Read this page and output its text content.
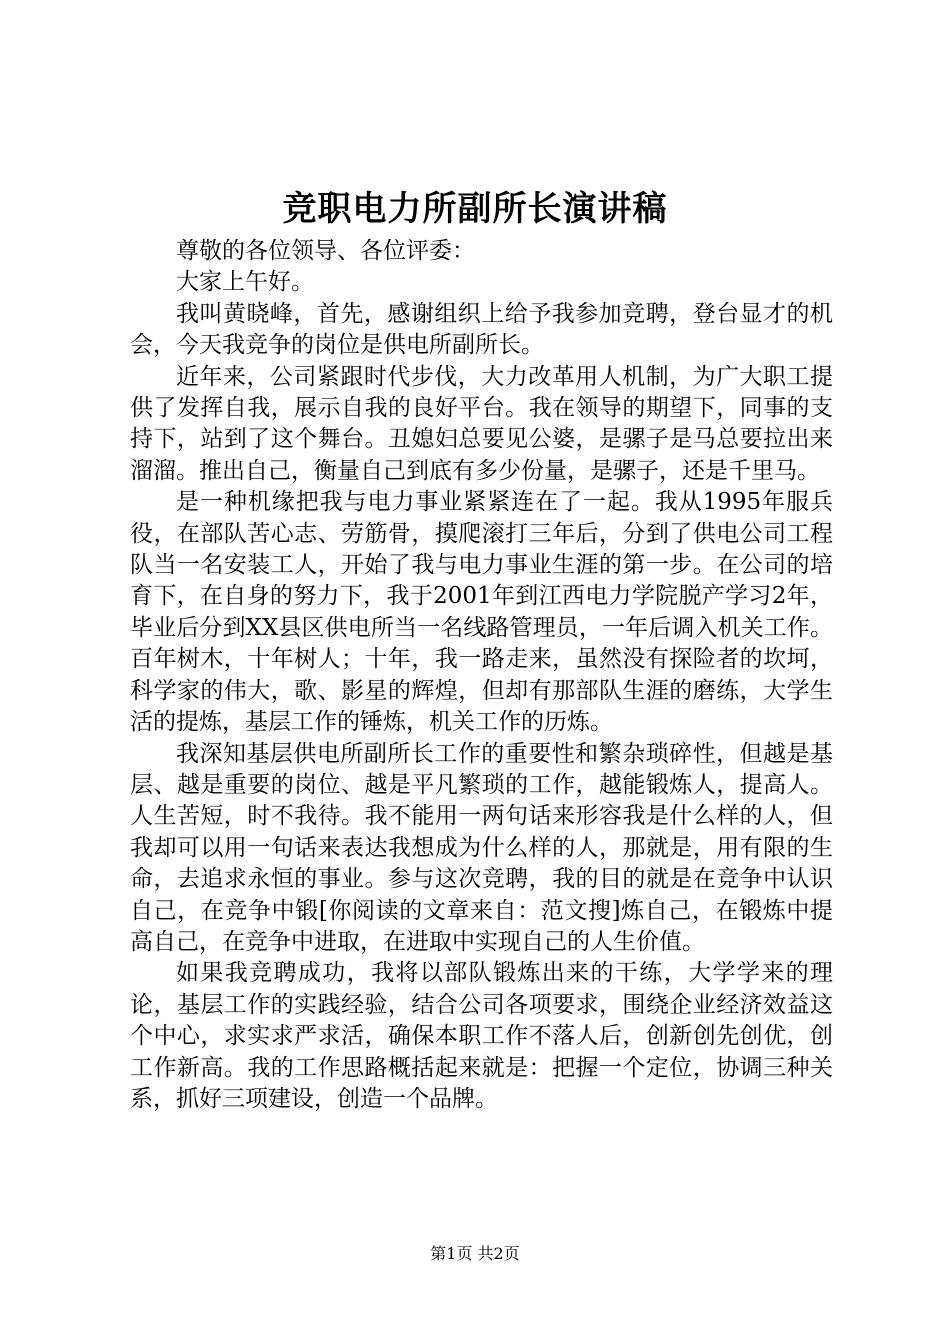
竞职电力所副所长演讲稿

尊敬的各位领导、各位评委：

大家上午好。

我叫黄晓峰，首先，感谢组织上给予我参加竞聘，登台显才的机会，今天我竞争的岗位是供电所副所长。

近年来，公司紧跟时代步伐，大力改革用人机制，为广大职工提供了发挥自我，展示自我的良好平台。我在领导的期望下，同事的支持下，站到了这个舞台。丑媳妇总要见公婆，是骡子是马总要拉出来溜溜。推出自己，衡量自己到底有多少份量，是骡子，还是千里马。

是一种机缘把我与电力事业紧紧连在了一起。我从1995年服兵役，在部队苦心志、劳筋骨，摸爬滚打三年后，分到了供电公司工程队当一名安装工人，开始了我与电力事业生涯的第一步。在公司的培育下，在自身的努力下，我于2001年到江西电力学院脱产学习2年，毕业后分到XX县区供电所当一名线路管理员，一年后调入机关工作。百年树木，十年树人；十年，我一路走来，虽然没有探险者的坎坷，科学家的伟大，歌、影星的辉煌，但却有那部队生涯的磨练，大学生活的提炼，基层工作的锤炼，机关工作的历炼。

我深知基层供电所副所长工作的重要性和繁杂琐碎性，但越是基层、越是重要的岗位、越是平凡繁琐的工作，越能锻炼人，提高人。人生苦短，时不我待。我不能用一两句话来形容我是什么样的人，但我却可以用一句话来表达我想成为什么样的人，那就是，用有限的生命，去追求永恒的事业。参与这次竞聘，我的目的就是在竞争中认识自己，在竞争中锻[你阅读的文章来自：范文搜]炼自己，在锻炼中提高自己，在竞争中进取，在进取中实现自己的人生价值。

如果我竞聘成功，我将以部队锻炼出来的干练，大学学来的理论，基层工作的实践经验，结合公司各项要求，围绕企业经济效益这个中心，求实求严求活，确保本职工作不落人后，创新创先创优，创工作新高。我的工作思路概括起来就是：把握一个定位，协调三种关系，抓好三项建设，创造一个品牌。

第1页 共2页
